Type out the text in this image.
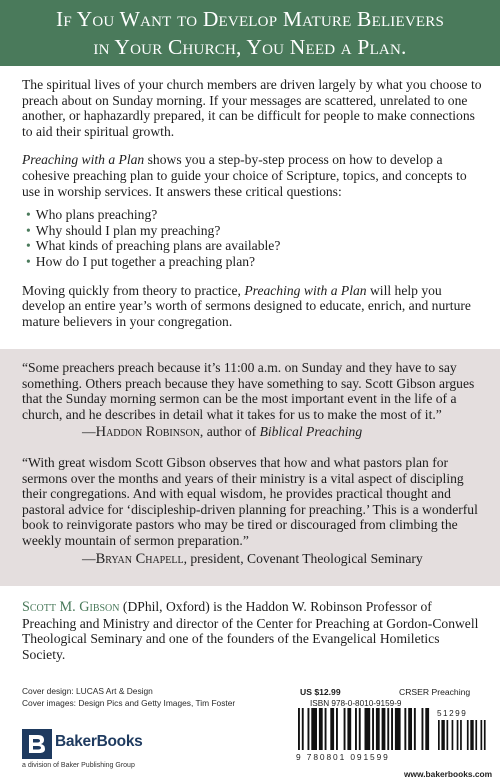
If You Want to Develop Mature Believers
in Your Church, You Need a Plan.

The spiritual lives of your church members are driven largely by what you choose to preach about on Sunday morning. If your messages are scattered, unrelated to one another, or haphazardly prepared, it can be difficult for people to make connections to aid their spiritual growth.

Preaching with a Plan shows you a step-by-step process on how to develop a cohesive preaching plan to guide your choice of Scripture, topics, and concepts to use in worship services. It answers these critical questions:

• Who plans preaching?
• Why should I plan my preaching?
• What kinds of preaching plans are available?
• How do I put together a preaching plan?

Moving quickly from theory to practice, Preaching with a Plan will help you develop an entire year’s worth of sermons designed to educate, enrich, and nurture mature believers in your congregation.

“Some preachers preach because it’s 11:00 a.m. on Sunday and they have to say something. Others preach because they have something to say. Scott Gibson argues that the Sunday morning sermon can be the most important event in the life of a church, and he describes in detail what it takes for us to make the most of it.”
—Haddon Robinson, author of Biblical Preaching
“With great wisdom Scott Gibson observes that how and what pastors plan for sermons over the months and years of their ministry is a vital aspect of discipling their congregations. And with equal wisdom, he provides practical thought and pastoral advice for ‘discipleship-driven planning for preaching.’ This is a wonderful book to reinvigorate pastors who may be tired or discouraged from climbing the weekly mountain of sermon preparation.”
—Bryan Chapell, president, Covenant Theological Seminary
Scott M. Gibson (DPhil, Oxford) is the Haddon W. Robinson Professor of Preaching and Ministry and director of the Center for Preaching at Gordon-Conwell Theological Seminary and one of the founders of the Evangelical Homiletics Society.
Cover design: LUCAS Art & Design
Cover images: Design Pics and Getty Images, Tim Foster
BakerBooks
a division of Baker Publishing Group
US $12.99	CRSER Preaching
ISBN 978-0-8010-9159-9
9 780801 091599
51299
www.bakerbooks.com
